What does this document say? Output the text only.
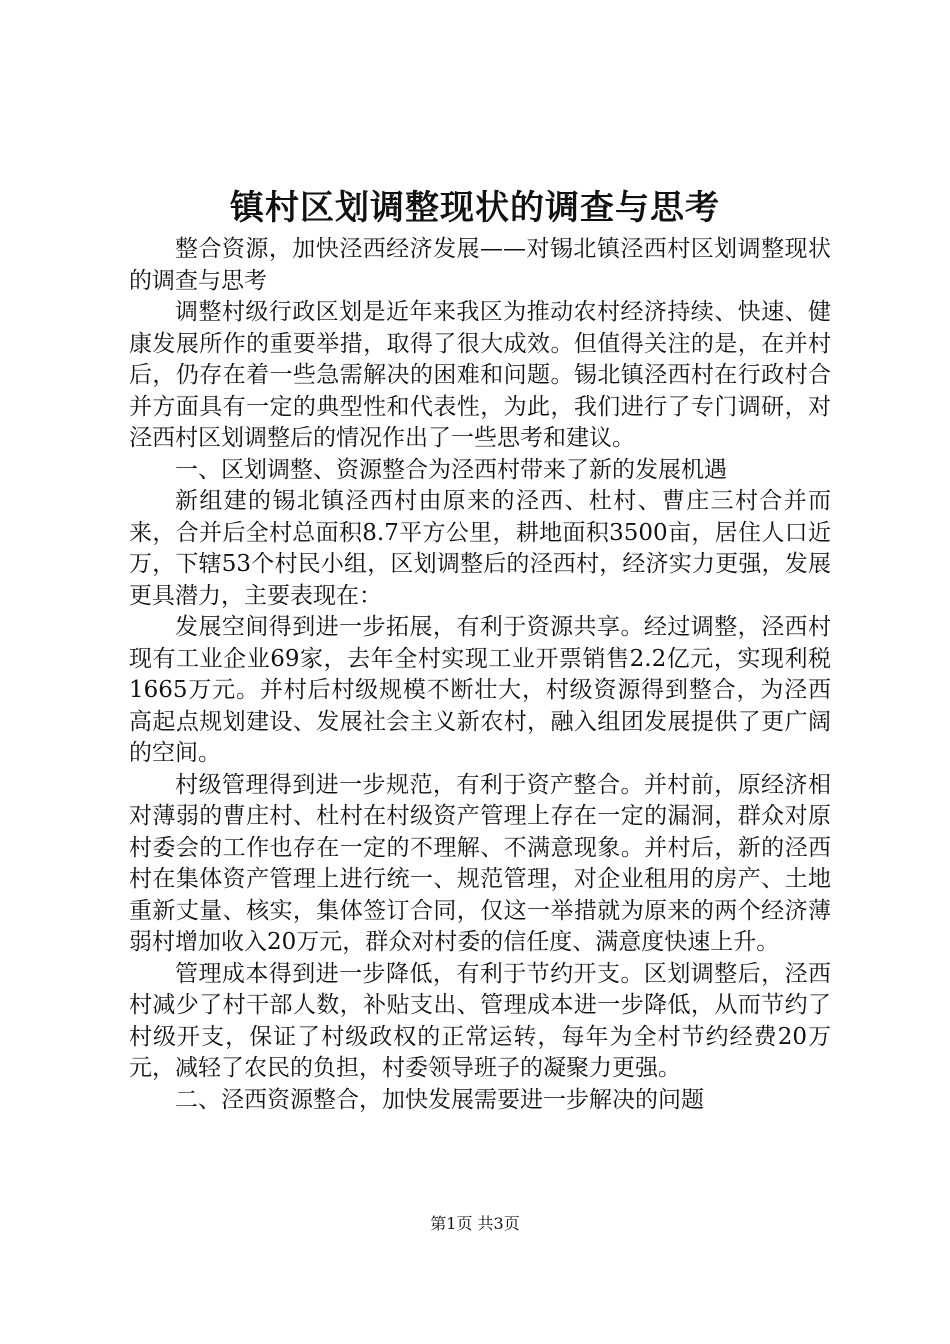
镇村区划调整现状的调查与思考

整合资源，加快泾西经济发展——对锡北镇泾西村区划调整现状的调查与思考

调整村级行政区划是近年来我区为推动农村经济持续、快速、健康发展所作的重要举措，取得了很大成效。但值得关注的是，在并村后，仍存在着一些急需解决的困难和问题。锡北镇泾西村在行政村合并方面具有一定的典型性和代表性，为此，我们进行了专门调研，对泾西村区划调整后的情况作出了一些思考和建议。

一、区划调整、资源整合为泾西村带来了新的发展机遇

新组建的锡北镇泾西村由原来的泾西、杜村、曹庄三村合并而来，合并后全村总面积8.7平方公里，耕地面积3500亩，居住人口近万，下辖53个村民小组，区划调整后的泾西村，经济实力更强，发展更具潜力，主要表现在：

发展空间得到进一步拓展，有利于资源共享。经过调整，泾西村现有工业企业69家，去年全村实现工业开票销售2.2亿元，实现利税1665万元。并村后村级规模不断壮大，村级资源得到整合，为泾西高起点规划建设、发展社会主义新农村，融入组团发展提供了更广阔的空间。

村级管理得到进一步规范，有利于资产整合。并村前，原经济相对薄弱的曹庄村、杜村在村级资产管理上存在一定的漏洞，群众对原村委会的工作也存在一定的不理解、不满意现象。并村后，新的泾西村在集体资产管理上进行统一、规范管理，对企业租用的房产、土地重新丈量、核实，集体签订合同，仅这一举措就为原来的两个经济薄弱村增加收入20万元，群众对村委的信任度、满意度快速上升。

管理成本得到进一步降低，有利于节约开支。区划调整后，泾西村减少了村干部人数，补贴支出、管理成本进一步降低，从而节约了村级开支，保证了村级政权的正常运转，每年为全村节约经费20万元，减轻了农民的负担，村委领导班子的凝聚力更强。

二、泾西资源整合，加快发展需要进一步解决的问题

第1页 共3页
